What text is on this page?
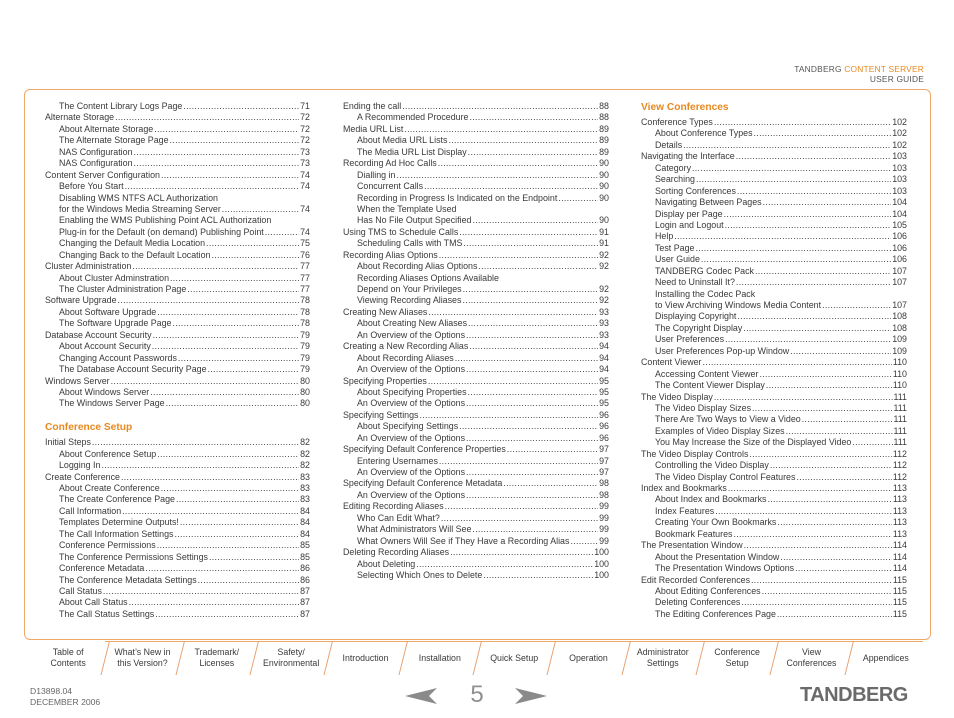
TANDBERG CONTENT SERVER
USER GUIDE
The Content Library Logs Page .....	71
Alternate Storage .....	72
About Alternate Storage .....	72
The Alternate Storage Page .....	72
NAS Configuration .....	73
NAS Configuration .....	73
Content Server Configuration .....	74
Before You Start .....	74
Disabling WMS NTFS ACL Authorization
for the Windows Media Streaming Server .....	74
Enabling the WMS Publishing Point ACL Authorization
Plug-in for the Default (on demand) Publishing Point .....	74
Changing the Default Media Location .....	75
Changing Back to the Default Location .....	76
Cluster Administration .....	77
About Cluster Adminstration .....	77
The Cluster Administration Page .....	77
Software Upgrade .....	78
About Software Upgrade .....	78
The Software Upgrade Page .....	78
Database Account Security .....	79
About Account Security .....	79
Changing Account Passwords .....	79
The Database Account Security Page .....	79
Windows Server .....	80
About Windows Server .....	80
The Windows Server Page .....	80
Conference Setup
Initial Steps .....	82
About Conference Setup .....	82
Logging In .....	82
Create Conference .....	83
About Create Conference .....	83
The Create Conference Page .....	83
Call Information .....	84
Templates Determine Outputs! .....	84
The Call Information Settings .....	84
Conference Permissions .....	85
The Conference Permissions Settings .....	85
Conference Metadata .....	86
The Conference Metadata Settings .....	86
Call Status .....	87
About Call Status .....	87
The Call Status Settings .....	87
Ending the call .....	88
A Recommended Procedure .....	88
Media URL List .....	89
About Media URL Lists .....	89
The Media URL List Display .....	89
Recording Ad Hoc Calls .....	90
Dialling in .....	90
Concurrent Calls .....	90
Recording in Progress Is Indicated on the Endpoint .....	90
When the Template Used
Has No File Output Specified .....	90
Using TMS to Schedule Calls .....	91
Scheduling Calls with TMS .....	91
Recording Alias Options .....	92
About Recording Alias Options .....	92
Recording Aliases Options Available
Depend on Your Privileges .....	92
Viewing Recording Aliases .....	92
Creating New Aliases .....	93
About Creating New Aliases .....	93
An Overview of the Options .....	93
Creating a New Recording Alias .....	94
About Recording Aliases .....	94
An Overview of the Options .....	94
Specifying Properties .....	95
About Specifying Properties .....	95
An Overview of the Options .....	95
Specifying Settings .....	96
About Specifying Settings .....	96
An Overview of the Options .....	96
Specifying Default Conference Properties .....	97
Entering Usernames .....	97
An Overview of the Options .....	97
Specifying Default Conference Metadata .....	98
An Overview of the Options .....	98
Editing Recording Aliases .....	99
Who Can Edit What? .....	99
What Administrators Will See .....	99
What Owners Will See if They Have a Recording Alias .....	99
Deleting Recording Aliases .....	100
About Deleting .....	100
Selecting Which Ones to Delete .....	100
View Conferences
Conference Types .....	102
About Conference Types .....	102
Details .....	102
Navigating the Interface .....	103
Category .....	103
Searching .....	103
Sorting Conferences .....	103
Navigating Between Pages .....	104
Display per Page .....	104
Login and Logout .....	105
Help .....	106
Test Page .....	106
User Guide .....	106
TANDBERG Codec Pack .....	107
Need to Uninstall It? .....	107
Installing the Codec Pack
to View Archiving Windows Media Content .....	107
Displaying Copyright .....	108
The Copyright Display .....	108
User Preferences .....	109
User Preferences Pop-up Window .....	109
Content Viewer .....	110
Accessing Content Viewer .....	110
The Content Viewer Display .....	110
The Video Display .....	111
The Video Display Sizes .....	111
There Are Two Ways to View a Video .....	111
Examples of Video Display Sizes .....	111
You May Increase the Size of the Displayed Video .....	111
The Video Display Controls .....	112
Controlling the Video Display .....	112
The Video Display Control Features .....	112
Index and Bookmarks .....	113
About Index and Bookmarks .....	113
Index Features .....	113
Creating Your Own Bookmarks .....	113
Bookmark Features .....	113
The Presentation Window .....	114
About the Presentation Window .....	114
The Presentation Windows Options .....	114
Edit Recorded Conferences .....	115
About Editing Conferences .....	115
Deleting Conferences .....	115
The Editing Conferences Page .....	115
Table of
Contents
What’s New in
this Version?
Trademark/
Licenses
Safety/
Environmental
Introduction	Installation	Quick Setup	Operation
Administrator
Settings
Conference
Setup
View
Conferences
Appendices
D13898.04
DECEMBER 2006	5	TANDBERG
